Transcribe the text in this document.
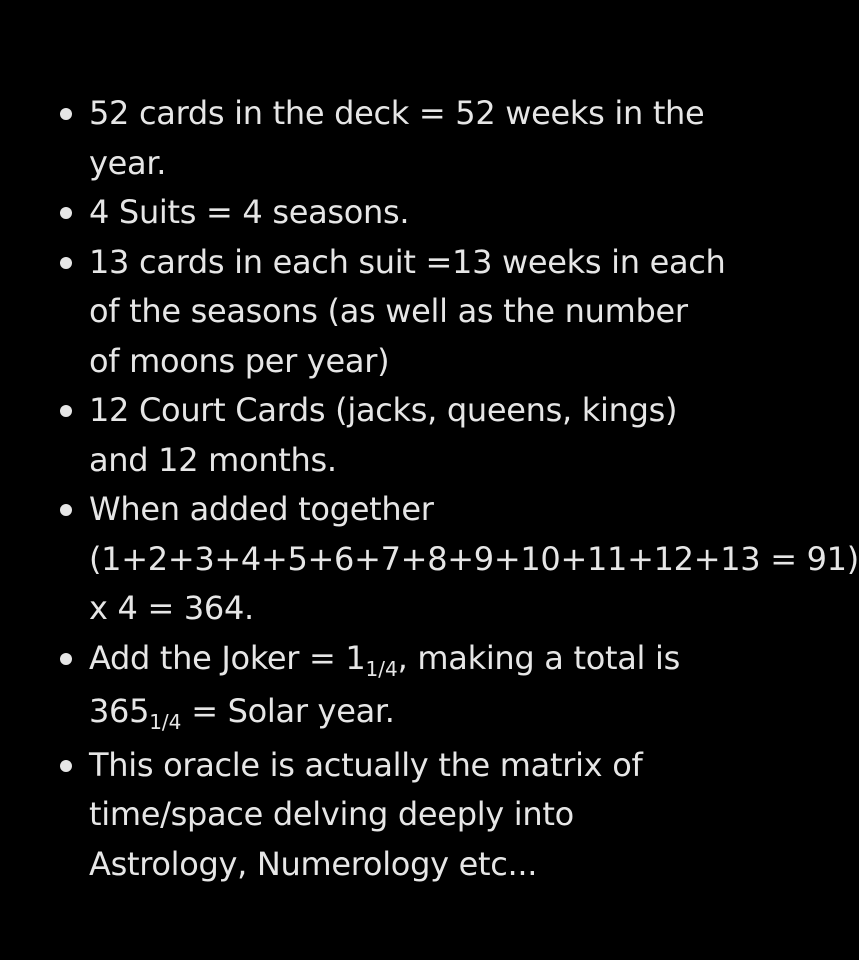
52 cards in the deck = 52 weeks in the
year.
4 Suits = 4 seasons.
13 cards in each suit =13 weeks in each
of the seasons (as well as the number
of moons per year)
12 Court Cards (jacks, queens, kings)
and 12 months.
When added together
(1+2+3+4+5+6+7+8+9+10+11+12+13 = 91)
x 4 = 364.
Add the Joker = $1_{1/4}$, making a total is
$365_{1/4}$ = Solar year.
This oracle is actually the matrix of
time/space delving deeply into
Astrology, Numerology etc...
